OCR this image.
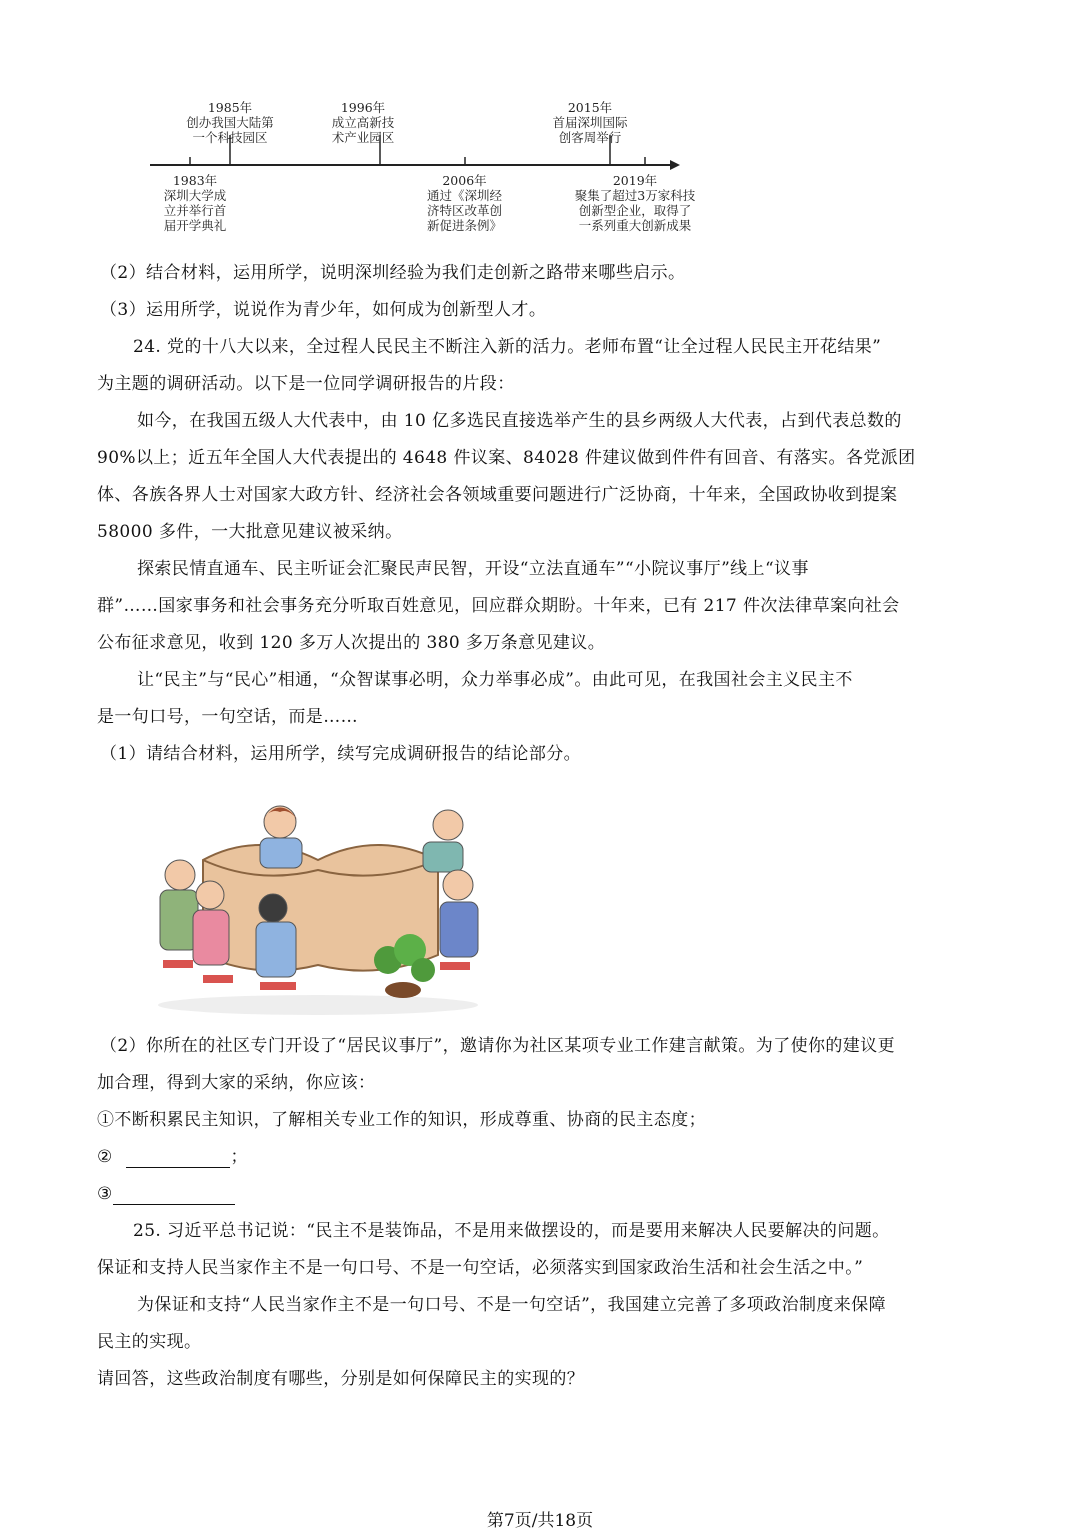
1985年
创办我国大陆第
一个科技园区
1996年
成立高新技
术产业园区
2015年
首届深圳国际
创客周举行
1983年
深圳大学成
立并举行首
届开学典礼
2006年
通过《深圳经
济特区改革创
新促进条例》
2019年
聚集了超过3万家科技
创新型企业，取得了
一系列重大创新成果
（2）结合材料，运用所学，说明深圳经验为我们走创新之路带来哪些启示。
（3）运用所学，说说作为青少年，如何成为创新型人才。
24. 党的十八大以来，全过程人民民主不断注入新的活力。老师布置“让全过程人民民主开花结果”
为主题的调研活动。以下是一位同学调研报告的片段：
如今，在我国五级人大代表中，由 10 亿多选民直接选举产生的县乡两级人大代表，占到代表总数的
90%以上；近五年全国人大代表提出的 4648 件议案、84028 件建议做到件件有回音、有落实。各党派团
体、各族各界人士对国家大政方针、经济社会各领域重要问题进行广泛协商，十年来，全国政协收到提案
58000 多件，一大批意见建议被采纳。
探索民情直通车、民主听证会汇聚民声民智，开设“立法直通车”“小院议事厅”线上“议事
群”……国家事务和社会事务充分听取百姓意见，回应群众期盼。十年来，已有 217 件次法律草案向社会
公布征求意见，收到 120 多万人次提出的 380 多万条意见建议。
让“民主”与“民心”相通，“众智谋事必明，众力举事必成”。由此可见，在我国社会主义民主不
是一句口号，一句空话，而是……
（1）请结合材料，运用所学，续写完成调研报告的结论部分。
（2）你所在的社区专门开设了“居民议事厅”，邀请你为社区某项专业工作建言献策。为了使你的建议更
加合理，得到大家的采纳，你应该：
①不断积累民主知识，了解相关专业工作的知识，形成尊重、协商的民主态度；
②	；
③
25. 习近平总书记说：“民主不是装饰品，不是用来做摆设的，而是要用来解决人民要解决的问题。
保证和支持人民当家作主不是一句口号、不是一句空话，必须落实到国家政治生活和社会生活之中。”
为保证和支持“人民当家作主不是一句口号、不是一句空话”，我国建立完善了多项政治制度来保障
民主的实现。
请回答，这些政治制度有哪些，分别是如何保障民主的实现的？
第7页/共18页
